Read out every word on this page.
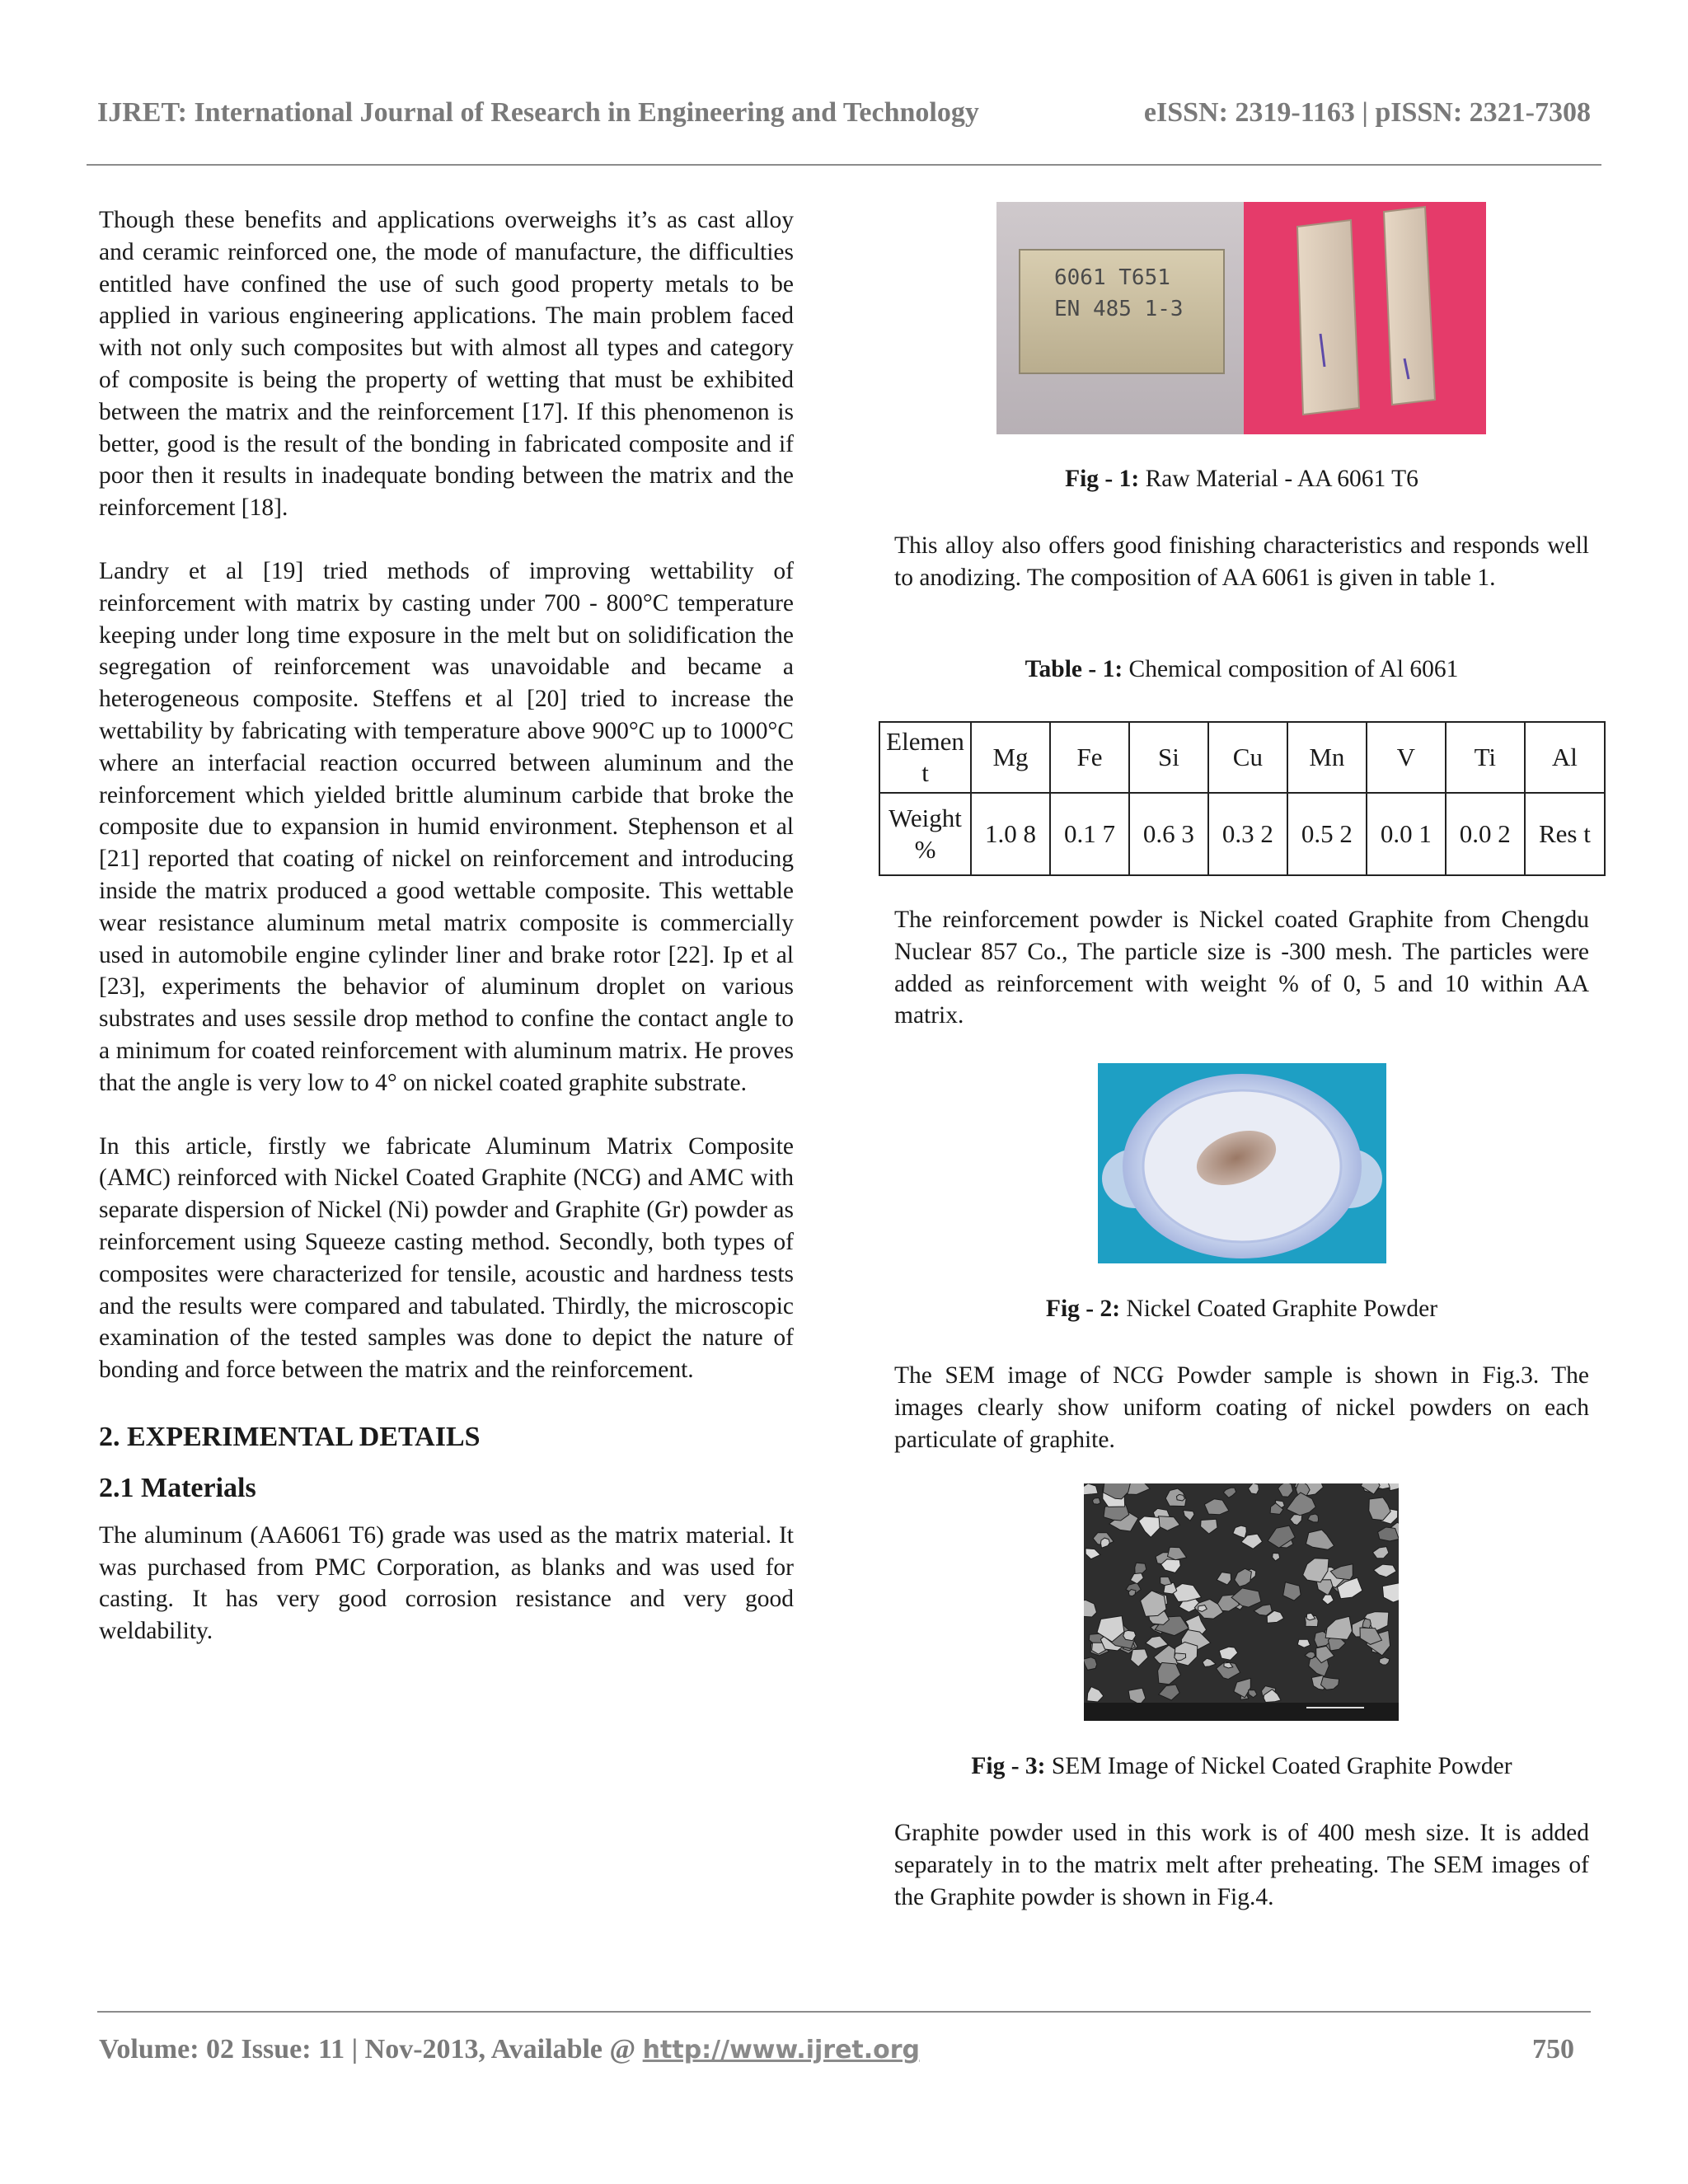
IJRET: International Journal of Research in Engineering and Technology	eISSN: 2319-1163 | pISSN: 2321-7308

Though these benefits and applications overweighs it’s as cast alloy and ceramic reinforced one, the mode of manufacture, the difficulties entitled have confined the use of such good property metals to be applied in various engineering applications. The main problem faced with not only such composites but with almost all types and category of composite is being the property of wetting that must be exhibited between the matrix and the reinforcement [17]. If this phenomenon is better, good is the result of the bonding in fabricated composite and if poor then it results in inadequate bonding between the matrix and the reinforcement [18].

Landry et al [19] tried methods of improving wettability of reinforcement with matrix by casting under 700 - 800°C temperature keeping under long time exposure in the melt but on solidification the segregation of reinforcement was unavoidable and became a heterogeneous composite. Steffens et al [20] tried to increase the wettability by fabricating with temperature above 900°C up to 1000°C where an interfacial reaction occurred between aluminum and the reinforcement which yielded brittle aluminum carbide that broke the composite due to expansion in humid environment. Stephenson et al [21] reported that coating of nickel on reinforcement and introducing inside the matrix produced a good wettable composite. This wettable wear resistance aluminum metal matrix composite is commercially used in automobile engine cylinder liner and brake rotor [22]. Ip et al [23], experiments the behavior of aluminum droplet on various substrates and uses sessile drop method to confine the contact angle to a minimum for coated reinforcement with aluminum matrix. He proves that the angle is very low to 4° on nickel coated graphite substrate.

In this article, firstly we fabricate Aluminum Matrix Composite (AMC) reinforced with Nickel Coated Graphite (NCG) and AMC with separate dispersion of Nickel (Ni) powder and Graphite (Gr) powder as reinforcement using Squeeze casting method. Secondly, both types of composites were characterized for tensile, acoustic and hardness tests and the results were compared and tabulated. Thirdly, the microscopic examination of the tested samples was done to depict the nature of bonding and force between the matrix and the reinforcement.

2. EXPERIMENTAL DETAILS
2.1 Materials

The aluminum (AA6061 T6) grade was used as the matrix material. It was purchased from PMC Corporation, as blanks and was used for casting. It has very good corrosion resistance and very good weldability.

6061 T651
EN 485 1-3
Fig - 1: Raw Material - AA 6061 T6

This alloy also offers good finishing characteristics and responds well to anodizing. The composition of AA 6061 is given in table 1.

Table - 1: Chemical composition of Al 6061
Elemen t	Mg	Fe	Si	Cu	Mn	V	Ti	Al
Weight %	1.0 8	0.1 7	0.6 3	0.3 2	0.5 2	0.0 1	0.0 2	Res t

The reinforcement powder is Nickel coated Graphite from Chengdu Nuclear 857 Co., The particle size is -300 mesh. The particles were added as reinforcement with weight % of 0, 5 and 10 within AA matrix.

Fig - 2: Nickel Coated Graphite Powder

The SEM image of NCG Powder sample is shown in Fig.3. The images clearly show uniform coating of nickel powders on each particulate of graphite.

Fig - 3: SEM Image of Nickel Coated Graphite Powder

Graphite powder used in this work is of 400 mesh size. It is added separately in to the matrix melt after preheating. The SEM images of the Graphite powder is shown in Fig.4.

Volume: 02 Issue: 11 | Nov-2013, Available @ http://www.ijret.org	750
